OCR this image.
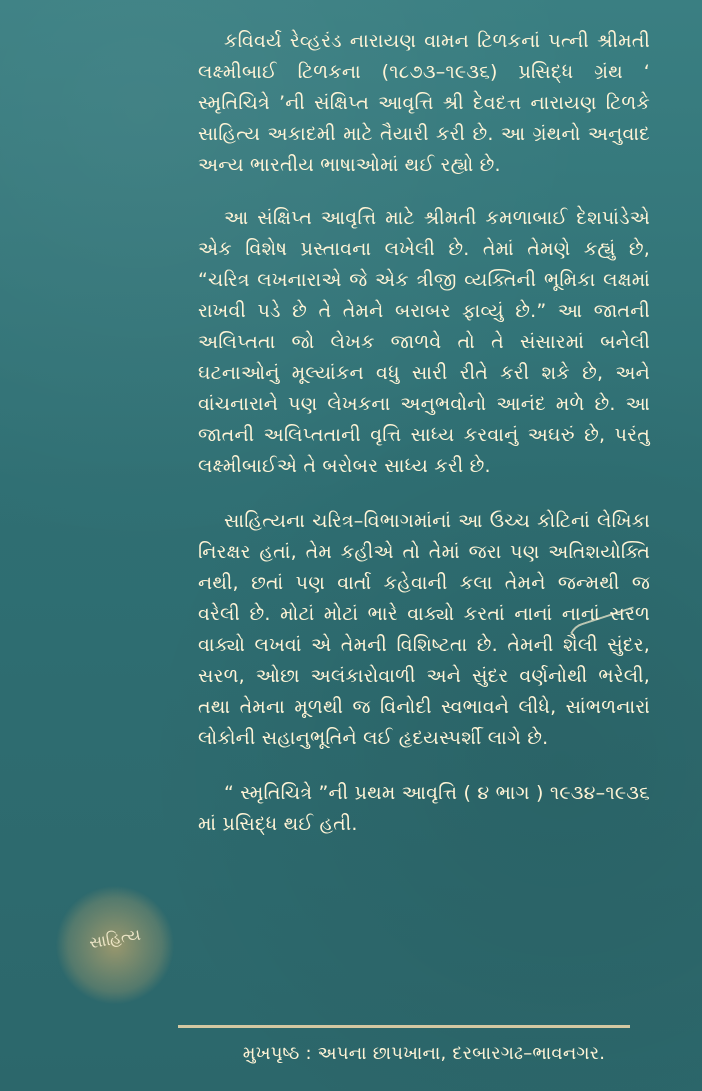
કવિવર્ય રેવ્હરંડ નારાયણ વામન ટિળકનાં પત્ની શ્રીમતી લક્ષ્મીબાઈ ટિળકના (૧૮૭૩–૧૯૩૬) પ્રસિદ્ધ ગ્રંથ ‘ સ્મૃતિચિત્રે ’ની સંક્ષિપ્ત આવૃત્તિ શ્રી દેવદત્ત નારાયણ ટિળકે સાહિત્ય અકાદમી માટે તૈયારી કરી છે. આ ગ્રંથનો અનુવાદ અન્ય ભારતીય ભાષાઓમાં થઈ રહ્યો છે.

આ સંક્ષિપ્ત આવૃત્તિ માટે શ્રીમતી કમળાબાઈ દેશપાંડેએ એક વિશેષ પ્રસ્તાવના લખેલી છે. તેમાં તેમણે કહ્યું છે, “ચરિત્ર લખનારાએ જે એક ત્રીજી વ્યક્તિની ભૂમિકા લક્ષમાં રાખવી પડે છે તે તેમને બરાબર ફાવ્યું છે.” આ જાતની અલિપ્તતા જો લેખક જાળવે તો તે સંસારમાં બનેલી ઘટનાઓનું મૂલ્યાંકન વધુ સારી રીતે કરી શકે છે, અને વાંચનારાને પણ લેખકના અનુભવોનો આનંદ મળે છે. આ જાતની અલિપ્તતાની વૃત્તિ સાધ્ય કરવાનું અઘરું છે, પરંતુ લક્ષ્મીબાઈએ તે બરોબર સાધ્ય કરી છે.

સાહિત્યના ચરિત્ર–વિભાગમાંનાં આ ઉચ્ચ કોટિનાં લેખિકા નિરક્ષર હતાં, તેમ કહીએ તો તેમાં જરા પણ અતિશયોક્તિ નથી, છતાં પણ વાર્તા કહેવાની કલા તેમને જન્મથી જ વરેલી છે. મોટાં મોટાં ભારે વાક્યો કરતાં નાનાં નાનાં સરળ વાક્યો લખવાં એ તેમની વિશિષ્ટતા છે. તેમની શૈલી સુંદર, સરળ, ઓછા અલંકારોવાળી અને સુંદર વર્ણનોથી ભરેલી, તથા તેમના મૂળથી જ વિનોદી સ્વભાવને લીધે, સાંભળનારાં લોકોની સહાનુભૂતિને લઈ હૃદયસ્પર્શી લાગે છે.

“ સ્મૃતિચિત્રે ”ની પ્રથમ આવૃત્તિ ( ૪ ભાગ ) ૧૯૩૪–૧૯૩૬ માં પ્રસિદ્ધ થઈ હતી.

સાહિત્ય
મુખપૃષ્ઠ : અપના છાપખાના, દરબારગઢ–ભાવનગર.
